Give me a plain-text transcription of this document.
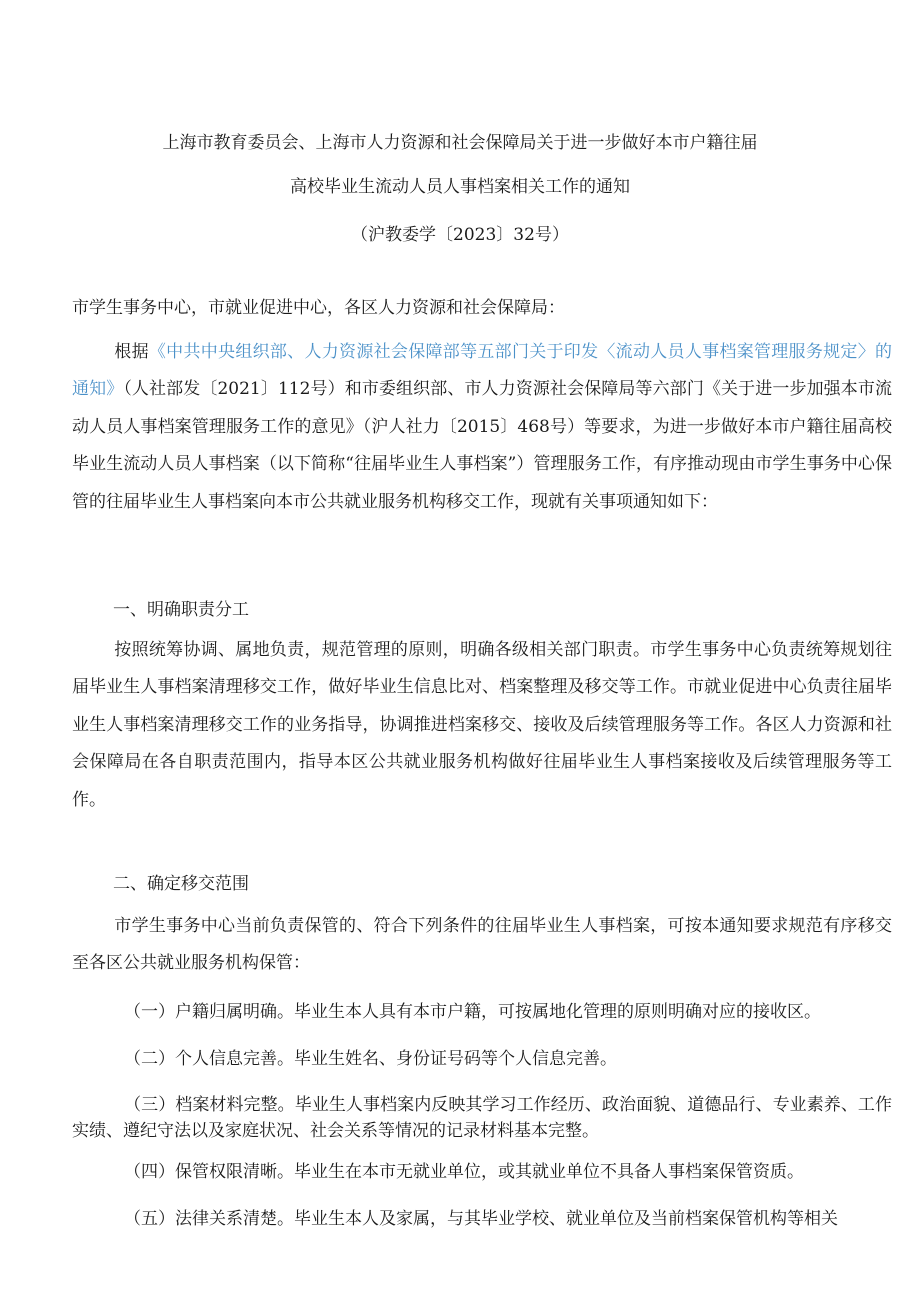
上海市教育委员会、上海市人力资源和社会保障局关于进一步做好本市户籍往届
高校毕业生流动人员人事档案相关工作的通知
（沪教委学〔2023〕32号）
市学生事务中心，市就业促进中心，各区人力资源和社会保障局：

根据《中共中央组织部、人力资源社会保障部等五部门关于印发〈流动人员人事档案管理服务规定〉的通知》（人社部发〔2021〕112号）和市委组织部、市人力资源社会保障局等六部门《关于进一步加强本市流动人员人事档案管理服务工作的意见》（沪人社力〔2015〕468号）等要求，为进一步做好本市户籍往届高校毕业生流动人员人事档案（以下简称“往届毕业生人事档案”）管理服务工作，有序推动现由市学生事务中心保管的往届毕业生人事档案向本市公共就业服务机构移交工作，现就有关事项通知如下：

一、明确职责分工

按照统筹协调、属地负责，规范管理的原则，明确各级相关部门职责。市学生事务中心负责统筹规划往届毕业生人事档案清理移交工作，做好毕业生信息比对、档案整理及移交等工作。市就业促进中心负责往届毕业生人事档案清理移交工作的业务指导，协调推进档案移交、接收及后续管理服务等工作。各区人力资源和社会保障局在各自职责范围内，指导本区公共就业服务机构做好往届毕业生人事档案接收及后续管理服务等工作。

二、确定移交范围

市学生事务中心当前负责保管的、符合下列条件的往届毕业生人事档案，可按本通知要求规范有序移交至各区公共就业服务机构保管：

（一）户籍归属明确。毕业生本人具有本市户籍，可按属地化管理的原则明确对应的接收区。
（二）个人信息完善。毕业生姓名、身份证号码等个人信息完善。

（三）档案材料完整。毕业生人事档案内反映其学习工作经历、政治面貌、道德品行、专业素养、工作实绩、遵纪守法以及家庭状况、社会关系等情况的记录材料基本完整。

（四）保管权限清晰。毕业生在本市无就业单位，或其就业单位不具备人事档案保管资质。
（五）法律关系清楚。毕业生本人及家属，与其毕业学校、就业单位及当前档案保管机构等相关
